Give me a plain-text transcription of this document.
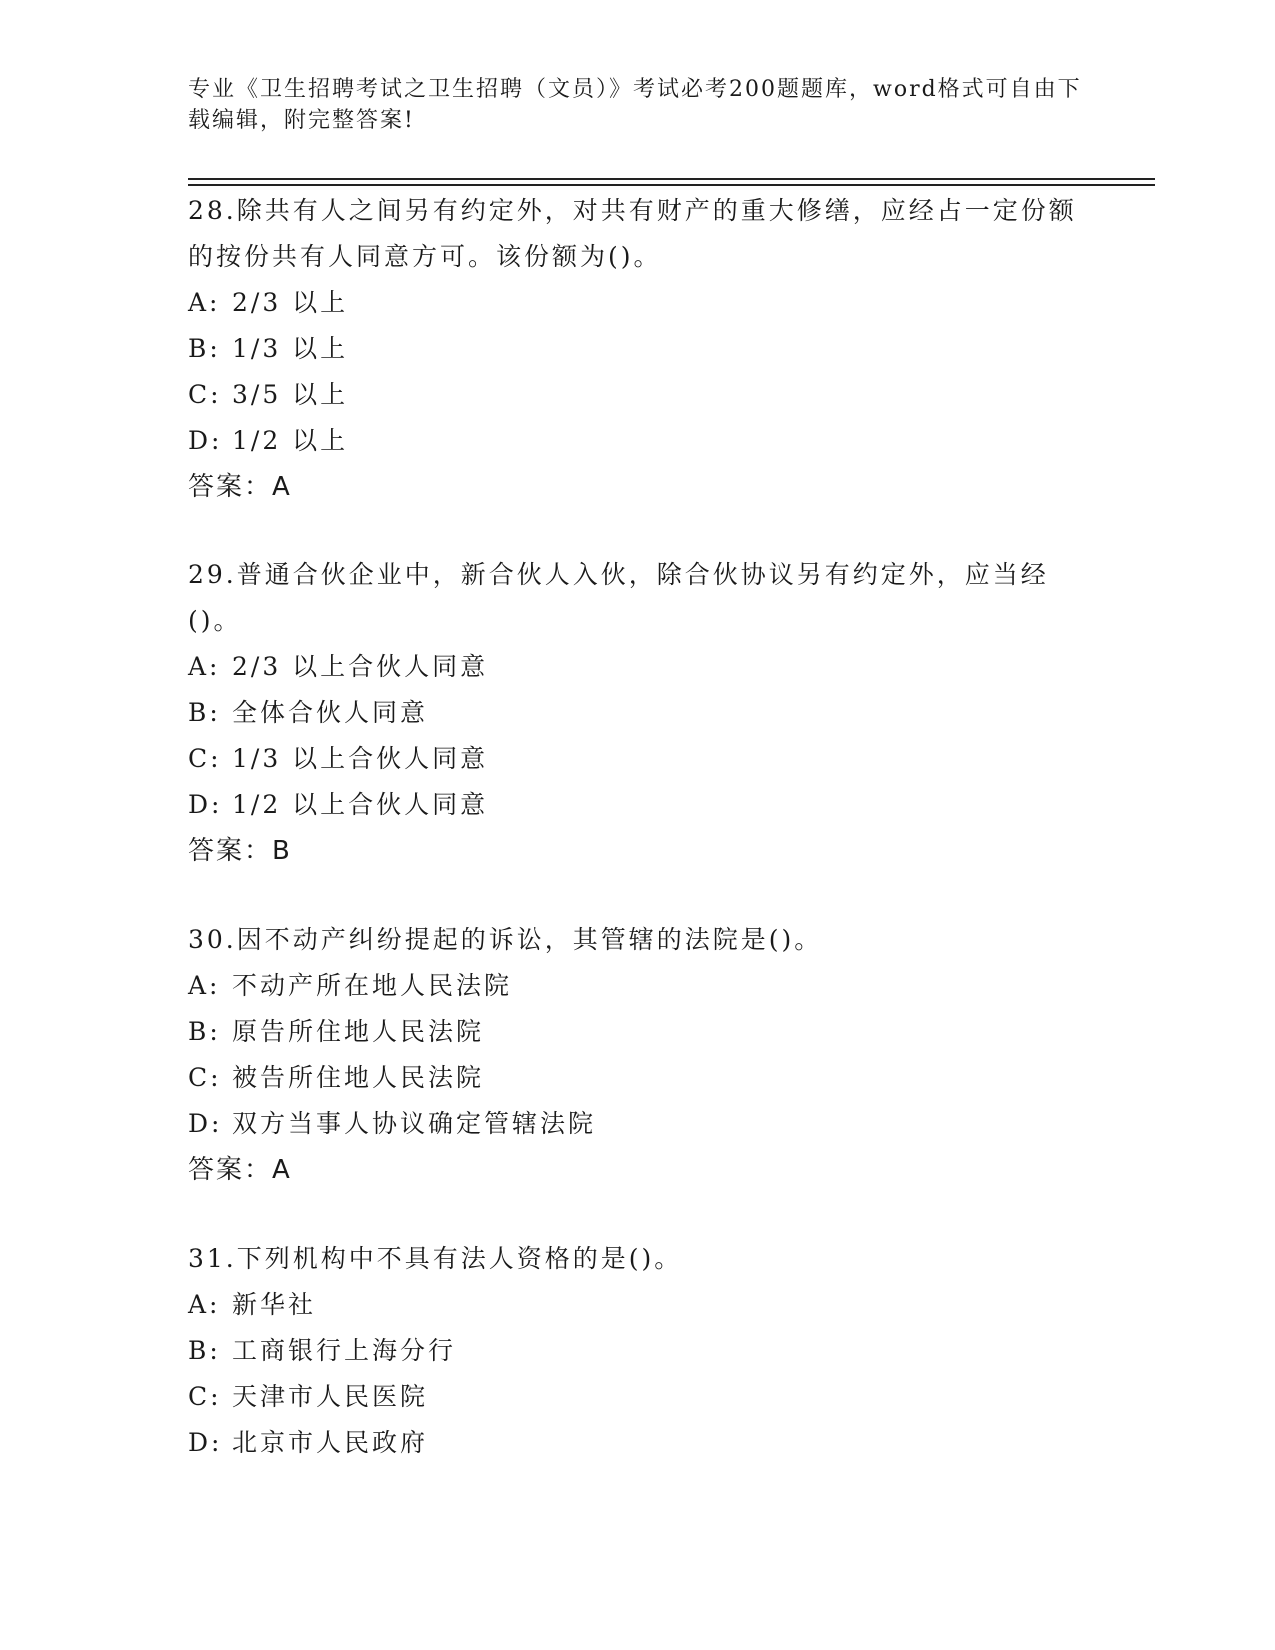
专业《卫生招聘考试之卫生招聘（文员）》考试必考200题题库，word格式可自由下载编辑，附完整答案!

28.除共有人之间另有约定外，对共有财产的重大修缮，应经占一定份额的按份共有人同意方可。该份额为()。

A: 2/3 以上

B: 1/3 以上

C: 3/5 以上

D: 1/2 以上

答案：A

29.普通合伙企业中，新合伙人入伙，除合伙协议另有约定外，应当经()。

A: 2/3 以上合伙人同意

B: 全体合伙人同意

C: 1/3 以上合伙人同意

D: 1/2 以上合伙人同意

答案：B

30.因不动产纠纷提起的诉讼，其管辖的法院是()。

A: 不动产所在地人民法院

B: 原告所住地人民法院

C: 被告所住地人民法院

D: 双方当事人协议确定管辖法院

答案：A

31.下列机构中不具有法人资格的是()。

A: 新华社

B: 工商银行上海分行

C: 天津市人民医院

D: 北京市人民政府
